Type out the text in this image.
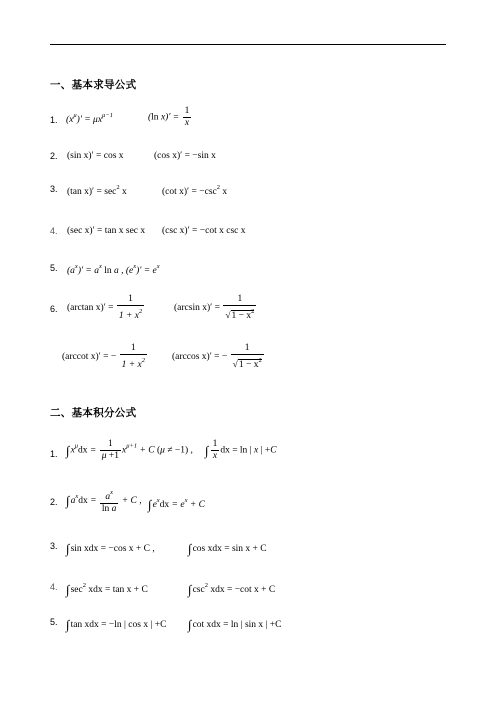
一、基本求导公式
1. $(x^\mu)' = \mu x^{\mu-1}$	(ln $x)' = \frac{1}{x}$
2. (sin x)′ = cos x	(cos x)′ = −sin x
3. (tan $x)' = \sec^2 x$	(cot $x)' = -\csc^2$ x
4. (sec x)′ = tan x sec x (csc x)′ = −cot x csc x
5. $(a^x)' = a^x$ ln a , $(e^x)' = e^x$
6. (arctan $x)' = \frac{1}{1 + x^2}$	(arcsin $x)' = \frac{1}{√1 - x^2}$
(arccot x)′ = − $\frac{1}{1 + x^2}$	(arccos x)′ = − $\frac{1}{√1 - x^2}$
二、基本积分公式
1. $\int x^\mu dx = \frac{1}{\mu +1} x^{\mu+1} + C$ (μ ≠ −1) , ∫ $\frac{1}{x}$ dx = ln | x | +C
2. $\int a^xdx = \frac{a^x}{\text{ln a}} + C$ , $\int e^xdx = e^x + C$
3. ∫sin xdx = −cos x + C ,	∫cos xdx = sin x + C
4. $\int\sec^2$ xdx = tan x + C	$\int\csc^2$ xdx = −cot x + C
5. ∫tan xdx = −ln | cos x | +C ∫cot xdx = ln | sin x | +C
